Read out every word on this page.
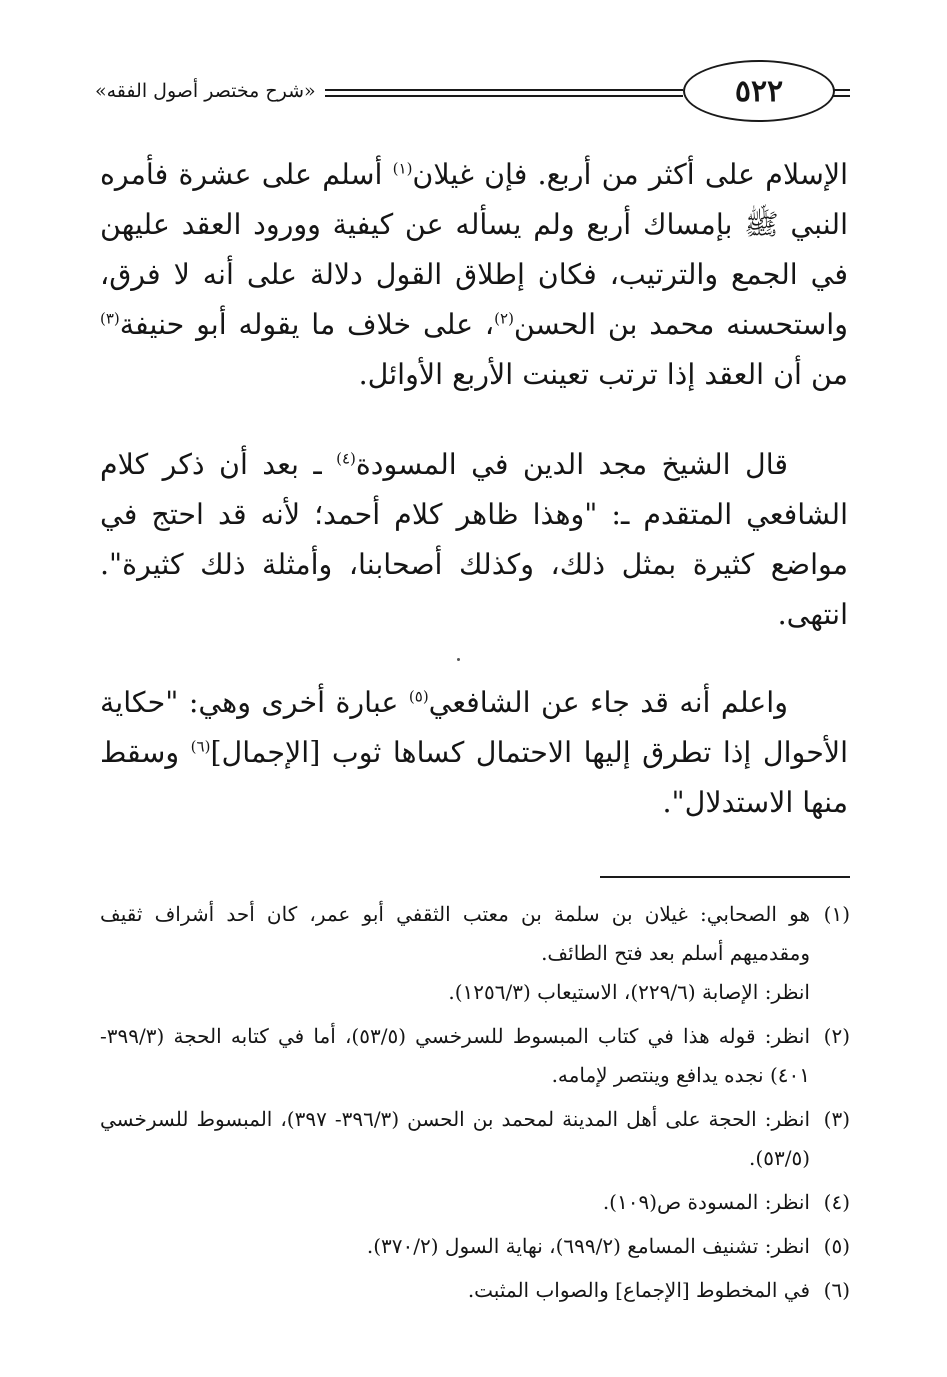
«شرح مختصر أصول الفقه»	٥٢٢

الإسلام على أكثر من أربع. فإن غيلان$^{(١)}$ أسلم على عشرة فأمره النبي ﷺ بإمساك أربع ولم يسأله عن كيفية وورود العقد عليهن في الجمع والترتيب، فكان إطلاق القول دلالة على أنه لا فرق، واستحسنه محمد بن الحسن$^{(٢)}$، على خلاف ما يقوله أبو حنيفة$^{(٣)}$ من أن العقد إذا ترتب تعينت الأربع الأوائل.

قال الشيخ مجد الدين في المسودة$^{(٤)}$ ـ بعد أن ذكر كلام الشافعي المتقدم ـ: "وهذا ظاهر كلام أحمد؛ لأنه قد احتج في مواضع كثيرة بمثل ذلك، وكذلك أصحابنا، وأمثلة ذلك كثيرة". انتهى.

واعلم أنه قد جاء عن الشافعي$^{(٥)}$ عبارة أخرى وهي: "حكاية الأحوال إذا تطرق إليها الاحتمال كساها ثوب [الإجمال]$^{(٦)}$ وسقط منها الاستدلال".

(١)
هو الصحابي: غيلان بن سلمة بن معتب الثقفي أبو عمر، كان أحد أشراف ثقيف ومقدميهم أسلم بعد فتح الطائف.
انظر: الإصابة (٢٢٩/٦)، الاستيعاب (١٢٥٦/٣).
(٢)
انظر: قوله هذا في كتاب المبسوط للسرخسي (٥٣/٥)، أما في كتابه الحجة (٣٩٩/٣- ٤٠١) نجده يدافع وينتصر لإمامه.
(٣)
انظر: الحجة على أهل المدينة لمحمد بن الحسن (٣٩٦/٣- ٣٩٧)، المبسوط للسرخسي (٥٣/٥).
(٤)
انظر: المسودة ص(١٠٩).
(٥)
انظر: تشنيف المسامع (٦٩٩/٢)، نهاية السول (٣٧٠/٢).
(٦)
في المخطوط [الإجماع] والصواب المثبت.
